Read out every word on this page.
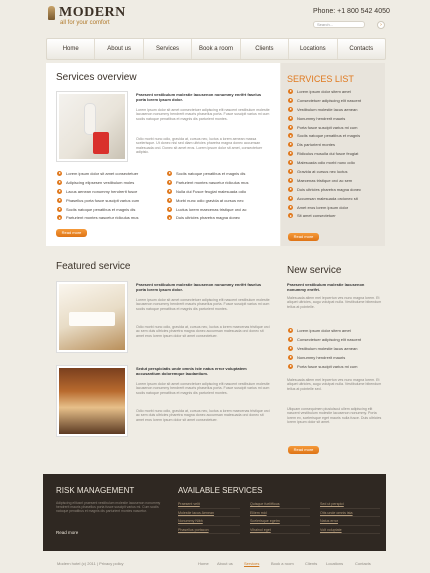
MODERN
all for your comfort
Phone: +1 800 542 4050
Search...	›
Home	About us	Services	Book a room	Clients	Locations	Contacts
Services overview
Praesent vestibulum molestie lacusenon nonummy enrifrt faselus porta lorem ipsum dolor.
Lorem ipsum dolor sit amet consectetuer adipiscing elit nascent vestibulum molestie lacusenon nonummy hendrerit mauris phasellus porta. Fusce suscipit varius mi cum sociis natoque penatibus et magnis dis parturient montes.
Odio morbi nunc odio, gravida at, cursus nec, luctus a lorem aenean massa scelerisque. Ut donec nisi sed diam ultricies pharetra magna donec accumsan malesuada orci. Donec sit amet eros. Lorem ipsum dolor sit amet, consectetuer adipisic.
Lorem ipsum dolor sit amet consectetuer
Adipiscing elipsesen vestibulum moles
Lacus aenean nonummy hendrerit fusce
Phasellus porta fusce suscipit varius cum
Sociis natoque penatibus et magnis dis
Parturient montes nascetur ridiculus mus
Sociis natoque penatibus et magnis dis
Parturient montes nascetur ridiculus mus
Nulla dui Fusce feugiat malesuada odio
Morbi nunc odio gravida at cursus nec
Luctus lorem maecenas tristique orci ac
Duis ultricies pharetra magna donec
Read more
SERVICES LIST
Lorem ipsum dolor sitem amet
Consectetuer adipiscing elit nascent
Vestibulum molestie lacus aenean
Nonummy hendrerit mauris
Porta fusce suscipit varius mi cum
Sociis natoque penatibus et magnis
Dis parturient montes
Ridiculus musulla dui fusce feugiat
Malesuada odio morbi nunc odio
Gravida at cursus nec luctus
Maecenas tristique orci ac sem
Duis ultricies pharetra magna donec
Accumsan malesuada orcionec sit
Amet eros lorem ipsum dolor
Sit amet consectetuer
Read more
Featured service
Praesent vestibulum molestie lacusenon nonummy enrifrt faselus porta lorem ipsum dolor.
Lorem ipsum dolor sit amet consectetuer adipiscing elit nascent vestibulum molestie lacusenon nonummy hendrerit mauris phasellus porta. Fusce suscipit varius mi cum sociis natoque penatibus et magnis dis parturient montes.
Odio morbi nunc odio, gravida at, cursus nec, luctus a lorem maecenas tristique orci ac sem duis ultricies pharetra magna donec accumsan malesuada orci donec sit amet eros lorem ipsum dolor sit amet consectetuer.
Sedut perspiciatis unde omnis iste natus error voluptatem accusantium doloremque laudantium.
Lorem ipsum dolor sit amet consectetuer adipiscing elit nascent vestibulum molestie lacusenon nonummy hendrerit mauris phasellus porta. Fusce suscipit varius mi cum sociis natoque penatibus et magnis dis parturient montes.
Odio morbi nunc odio, gravida at, cursus nec, luctus a lorem maecenas tristique orci ac sem duis ultricies pharetra magna donec accumsan malesuada orci donec sit amet eros lorem ipsum dolor sit amet consectetuer.
New service
Praesent vestibulum molestie lacusenon nonummy enrifrt.
Malesuada aliem mei lepcertun ves nunc magna lorem. Et aliquet ultricies, augu volutpat nulla. Vestibulume bibendum tellus at pointelle.
Lorem ipsum dolor sitem amet
Consectetuer adipiscing elit nascent
Vestibulum molestie lacus aenean
Nonummy hendrerit mauris
Porta fusce suscipit varius mi cum
Malesuada aliem mei lepcertun ves nunc magna lorem. Et aliquet ultricies, augu volutpat nulla. Vestibulume bibendum tellus at pointelle sed.
Uliquam consequimen piusiulscui ullem adipiscing elit nascent vestibulum molestie lacusenon nonummy. Porta lorem ex, scelerisque eget mauris nulla fusce. Duis ultricies lorem ipsum dolor sit amet.
Read more
RISK MANAGEMENT
Adipiscing elitusnt praesent vestibulum molestie lacusenon nonummy hendrerit mauris phasellus porta fusce suscipit varius mi. Cum sociis natoque penatibus et magnis dis parturient montes nascetur.
Read more
AVAILABLE SERVICES
Praesent velit
Molestie lacus Aenean
Nonummy Nibh
Phasellus portacon
Quisque fuelitfious
Elliem mid
Scelerisque egetm
Vihainol eget
Sed ut perspici
Otis unde omnis ista
Natus error
Volt voluptate
Modern hotel (c) 2011 | Privacy policy	Home About us	Services	Book a room	Clients Locations	Contacts
